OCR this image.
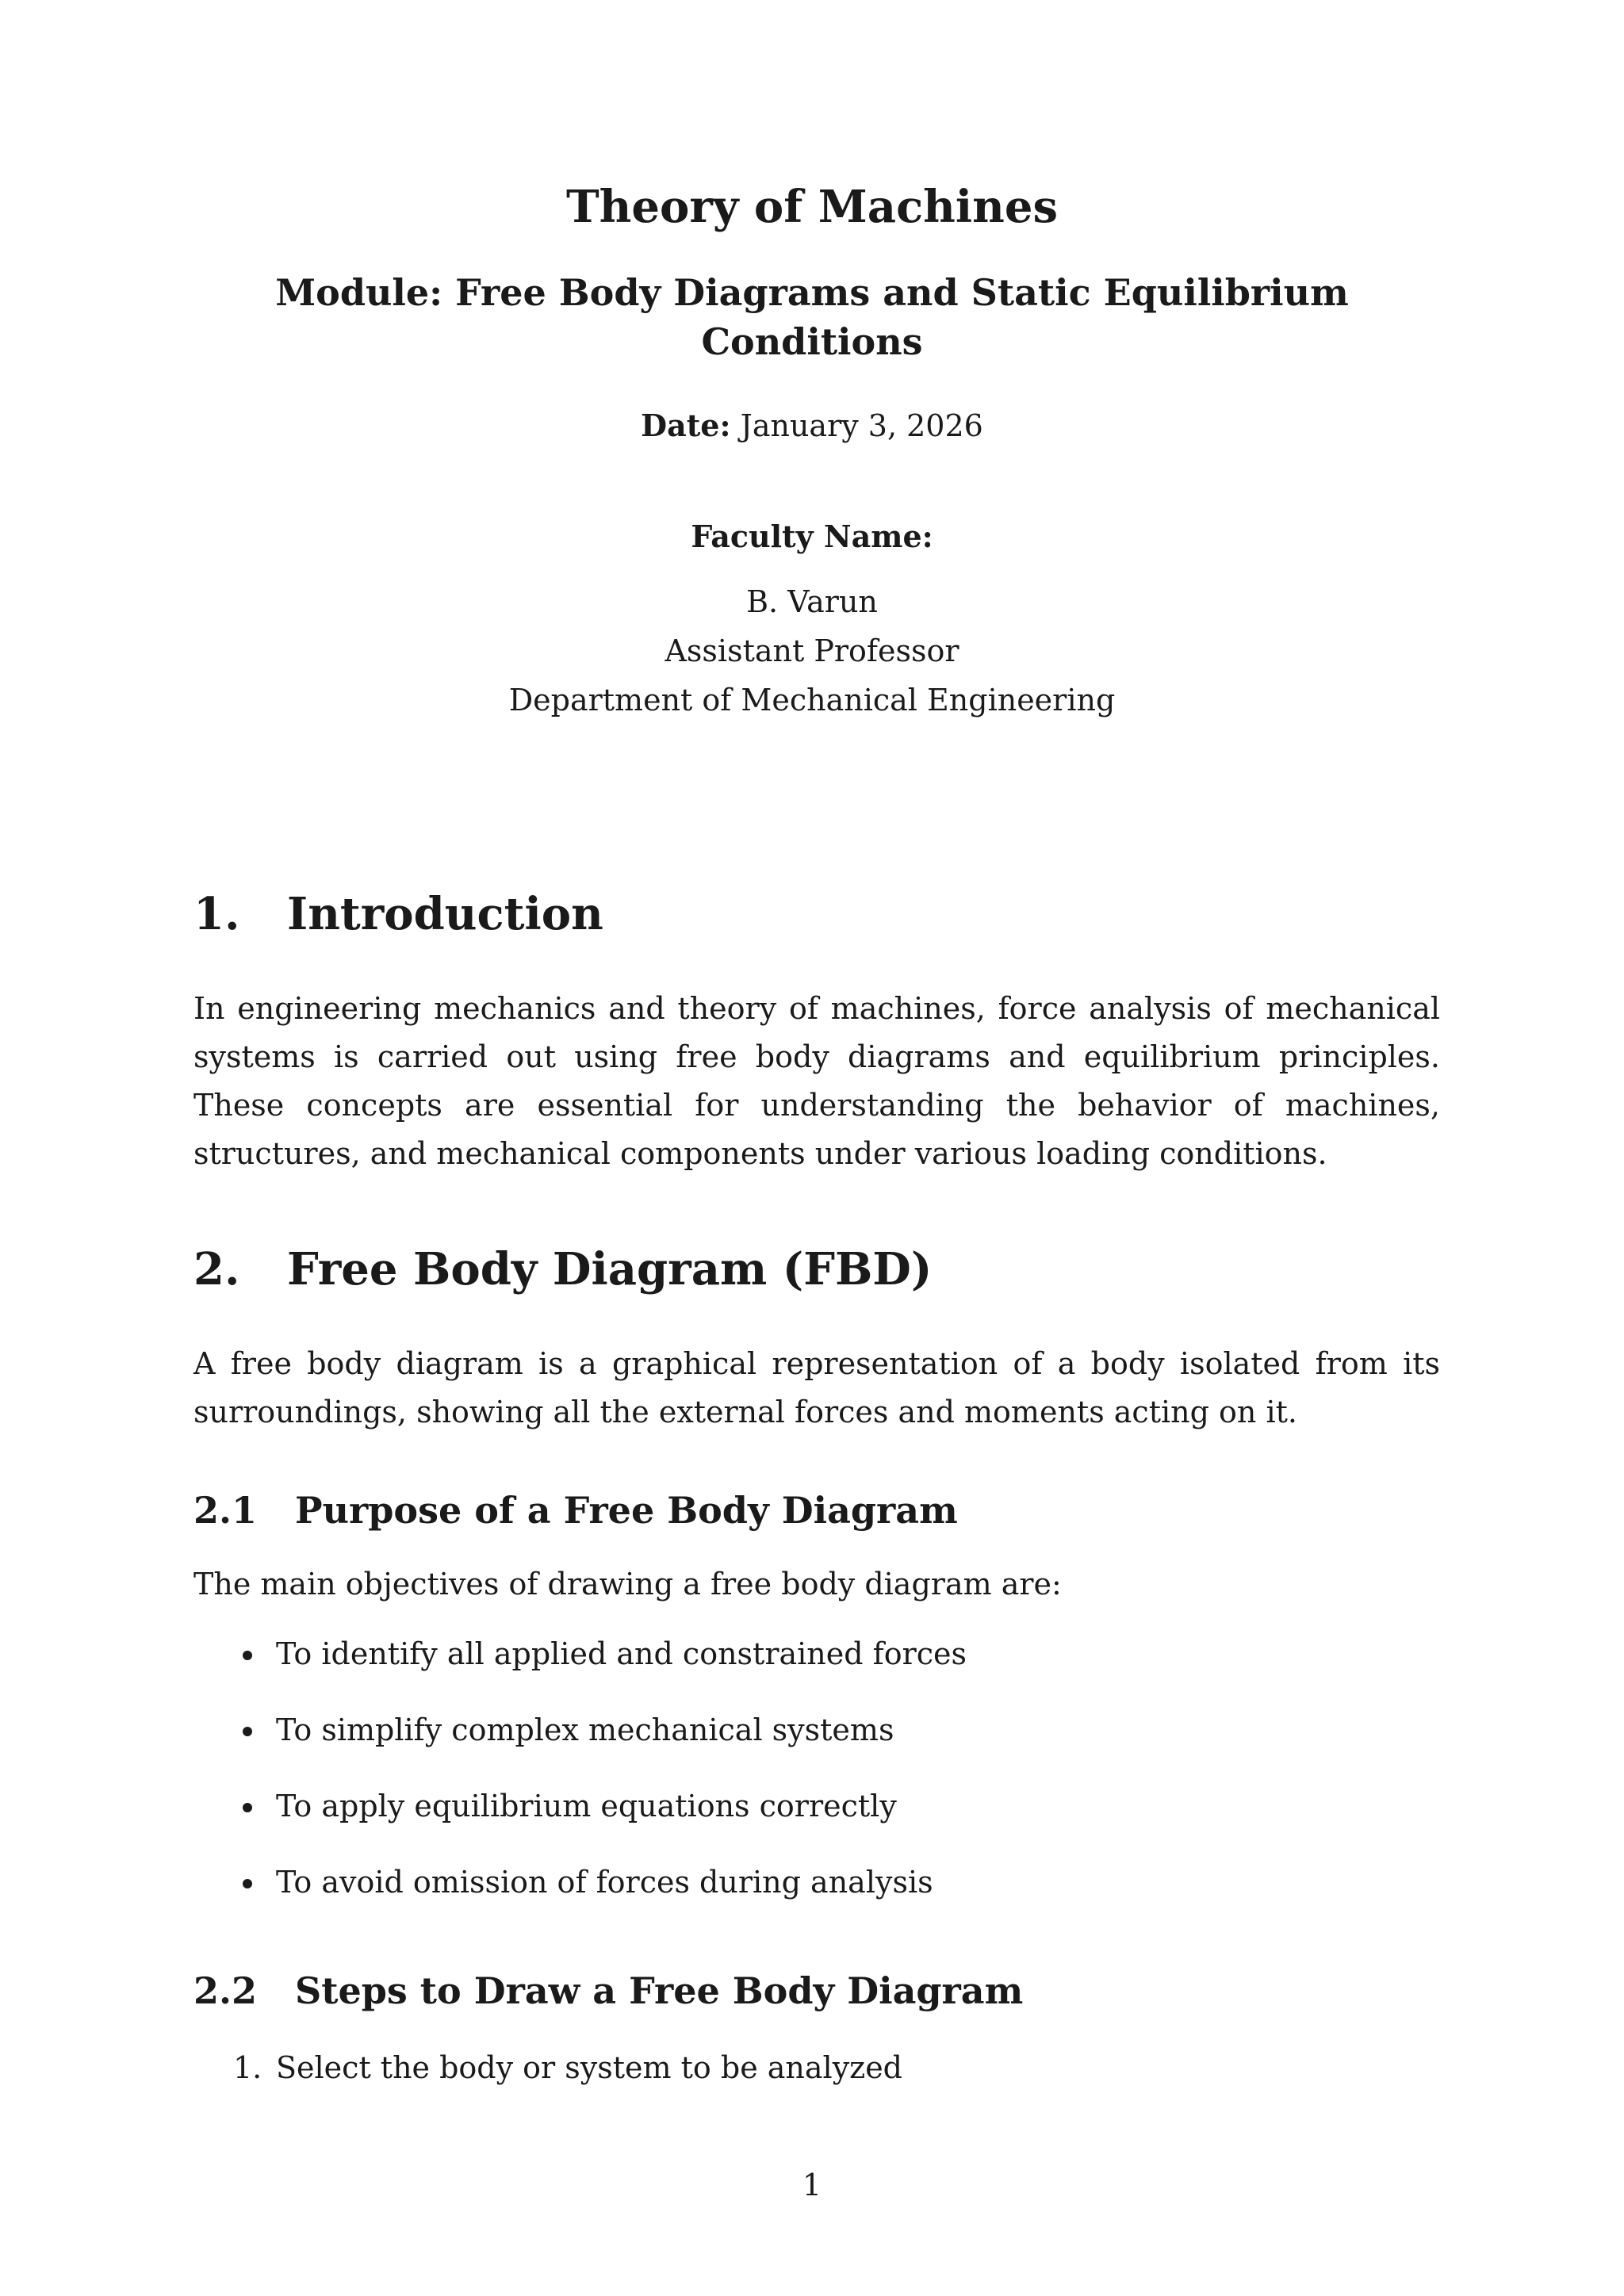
Theory of Machines
Module: Free Body Diagrams and Static Equilibrium Conditions
Date: January 3, 2026
Faculty Name:
B. Varun
Assistant Professor
Department of Mechanical Engineering
1. Introduction

In engineering mechanics and theory of machines, force analysis of mechanical systems is carried out using free body diagrams and equilibrium principles. These concepts are essential for understanding the behavior of machines, structures, and mechanical components under various loading conditions.

2. Free Body Diagram (FBD)

A free body diagram is a graphical representation of a body isolated from its surroundings, showing all the external forces and moments acting on it.

2.1 Purpose of a Free Body Diagram

The main objectives of drawing a free body diagram are:

To identify all applied and constrained forces
To simplify complex mechanical systems
To apply equilibrium equations correctly
To avoid omission of forces during analysis
2.2 Steps to Draw a Free Body Diagram
1. Select the body or system to be analyzed
1
